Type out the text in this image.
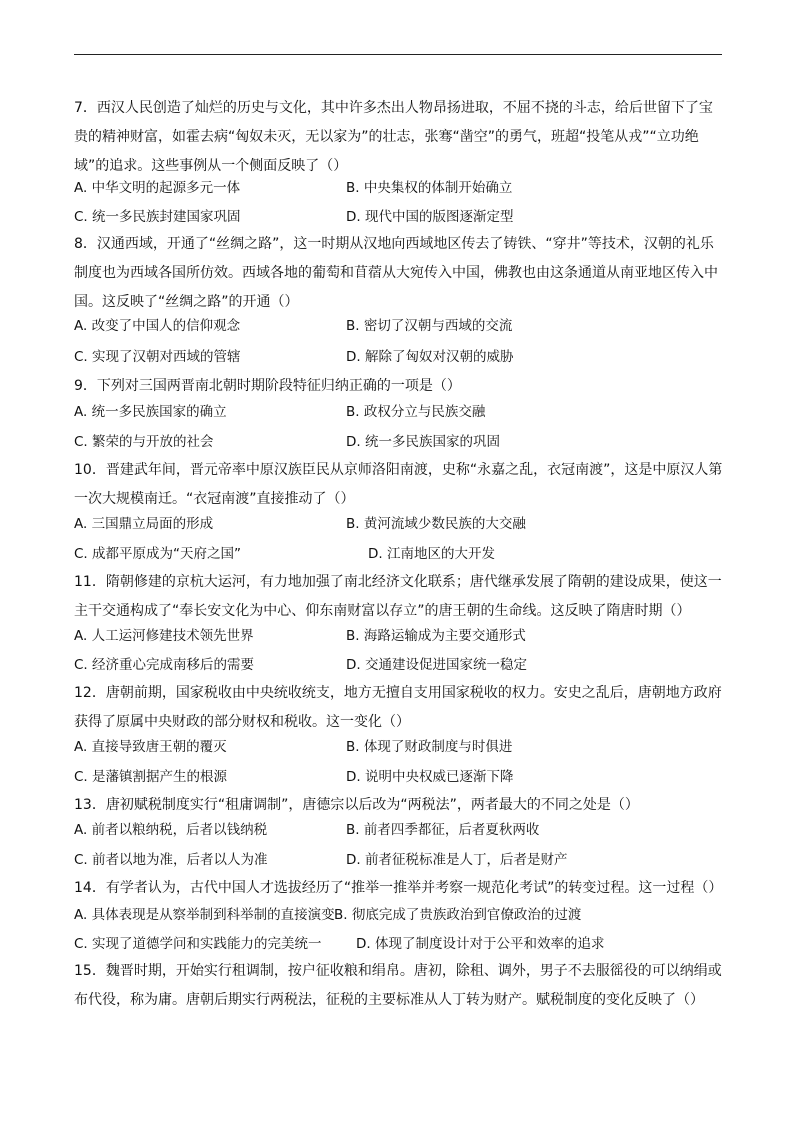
7．西汉人民创造了灿烂的历史与文化，其中许多杰出人物昂扬进取，不屈不挠的斗志，给后世留下了宝贵的精神财富，如霍去病“匈奴未灭，无以家为”的壮志，张骞“凿空”的勇气，班超“投笔从戎”“立功绝域”的追求。这些事例从一个侧面反映了（）
A. 中华文明的起源多元一体	B. 中央集权的体制开始确立
C. 统一多民族封建国家巩固	D. 现代中国的版图逐渐定型
8．汉通西域，开通了“丝绸之路”，这一时期从汉地向西域地区传去了铸铁、“穿井”等技术，汉朝的礼乐制度也为西域各国所仿效。西域各地的葡萄和苜蓿从大宛传入中国，佛教也由这条通道从南亚地区传入中国。这反映了“丝绸之路”的开通（）
A. 改变了中国人的信仰观念	B. 密切了汉朝与西域的交流
C. 实现了汉朝对西域的管辖	D. 解除了匈奴对汉朝的威胁
9．下列对三国两晋南北朝时期阶段特征归纳正确的一项是（）
A. 统一多民族国家的确立	B. 政权分立与民族交融
C. 繁荣的与开放的社会	D. 统一多民族国家的巩固
10．晋建武年间，晋元帝率中原汉族臣民从京师洛阳南渡，史称“永嘉之乱，衣冠南渡”，这是中原汉人第一次大规模南迁。“衣冠南渡”直接推动了（）
A. 三国鼎立局面的形成	B. 黄河流域少数民族的大交融
C. 成都平原成为“天府之国”	D. 江南地区的大开发
11．隋朝修建的京杭大运河，有力地加强了南北经济文化联系；唐代继承发展了隋朝的建设成果，使这一主干交通构成了“奉长安文化为中心、仰东南财富以存立”的唐王朝的生命线。这反映了隋唐时期（）
A. 人工运河修建技术领先世界	B. 海路运输成为主要交通形式
C. 经济重心完成南移后的需要	D. 交通建设促进国家统一稳定
12．唐朝前期，国家税收由中央统收统支，地方无擅自支用国家税收的权力。安史之乱后，唐朝地方政府获得了原属中央财政的部分财权和税收。这一变化（）
A. 直接导致唐王朝的覆灭	B. 体现了财政制度与时俱进
C. 是藩镇割据产生的根源	D. 说明中央权威已逐渐下降
13．唐初赋税制度实行“租庸调制”，唐德宗以后改为“两税法”，两者最大的不同之处是（）
A. 前者以粮纳税，后者以钱纳税	B. 前者四季都征，后者夏秋两收
C. 前者以地为准，后者以人为准	D. 前者征税标准是人丁，后者是财产
14．有学者认为，古代中国人才选拔经历了“推举一推举并考察一规范化考试”的转变过程。这一过程（）
A. 具体表现是从察举制到科举制的直接演变 B. 彻底完成了贵族政治到官僚政治的过渡
C. 实现了道德学问和实践能力的完美统一	D. 体现了制度设计对于公平和效率的追求
15．魏晋时期，开始实行租调制，按户征收粮和绢帛。唐初，除租、调外，男子不去服徭役的可以纳绢或布代役，称为庸。唐朝后期实行两税法，征税的主要标准从人丁转为财产。赋税制度的变化反映了（）
